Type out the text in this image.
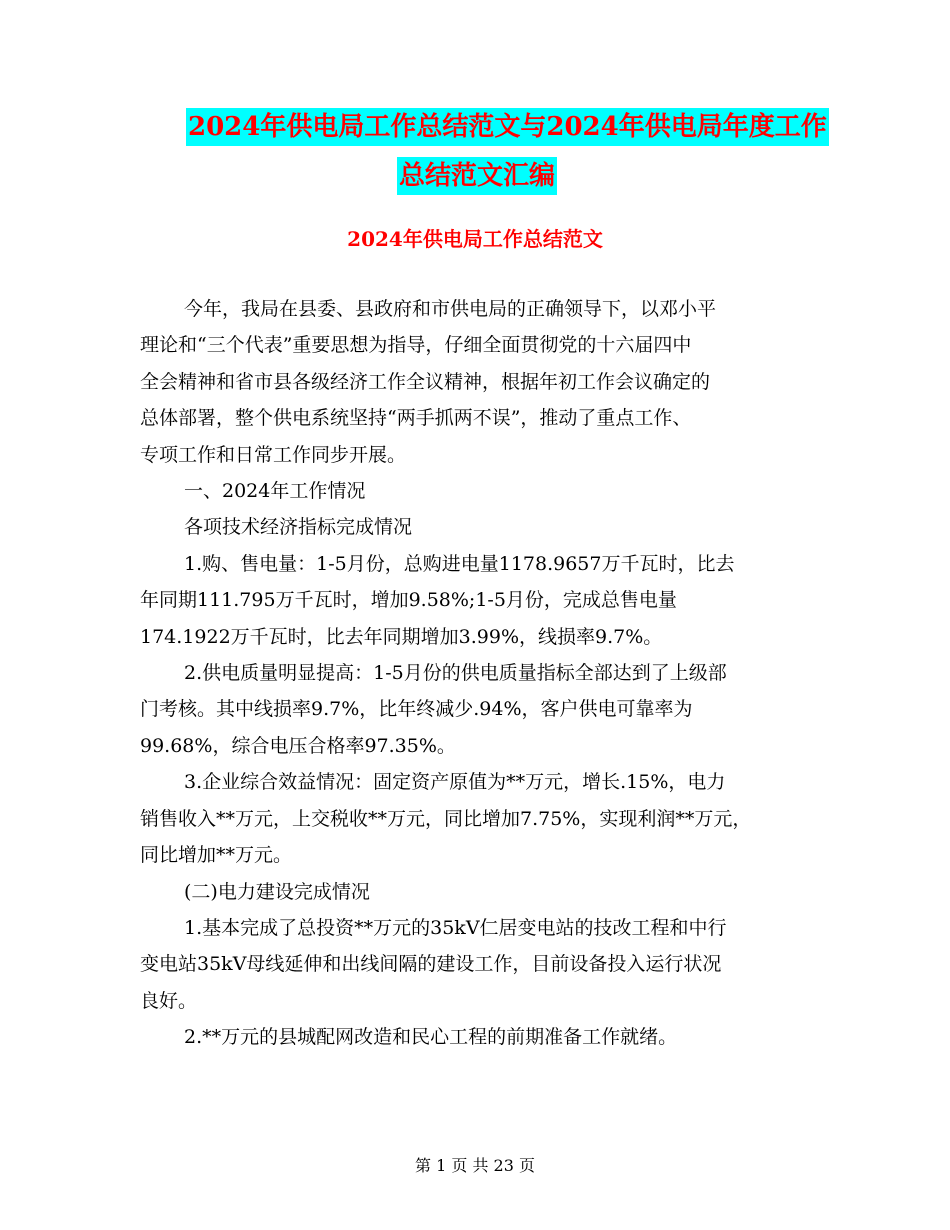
2024年供电局工作总结范文与2024年供电局年度工作
总结范文汇编
2024年供电局工作总结范文
今年，我局在县委、县政府和市供电局的正确领导下，以邓小平
理论和“三个代表”重要思想为指导，仔细全面贯彻党的十六届四中
全会精神和省市县各级经济工作全议精神，根据年初工作会议确定的
总体部署，整个供电系统坚持“两手抓两不误”，推动了重点工作、
专项工作和日常工作同步开展。
一、2024年工作情况
各项技术经济指标完成情况
1.购、售电量：1-5月份，总购进电量1178.9657万千瓦时，比去
年同期111.795万千瓦时，增加9.58%;1-5月份，完成总售电量
174.1922万千瓦时，比去年同期增加3.99%，线损率9.7%。
2.供电质量明显提高：1-5月份的供电质量指标全部达到了上级部
门考核。其中线损率9.7%，比年终减少.94%，客户供电可靠率为
99.68%，综合电压合格率97.35%。
3.企业综合效益情况：固定资产原值为**万元，增长.15%，电力
销售收入**万元，上交税收**万元，同比增加7.75%，实现利润**万元，
同比增加**万元。
(二)电力建设完成情况
1.基本完成了总投资**万元的35kV仁居变电站的技改工程和中行
变电站35kV母线延伸和出线间隔的建设工作，目前设备投入运行状况
良好。
2.**万元的县城配网改造和民心工程的前期准备工作就绪。
第 1 页 共 23 页
